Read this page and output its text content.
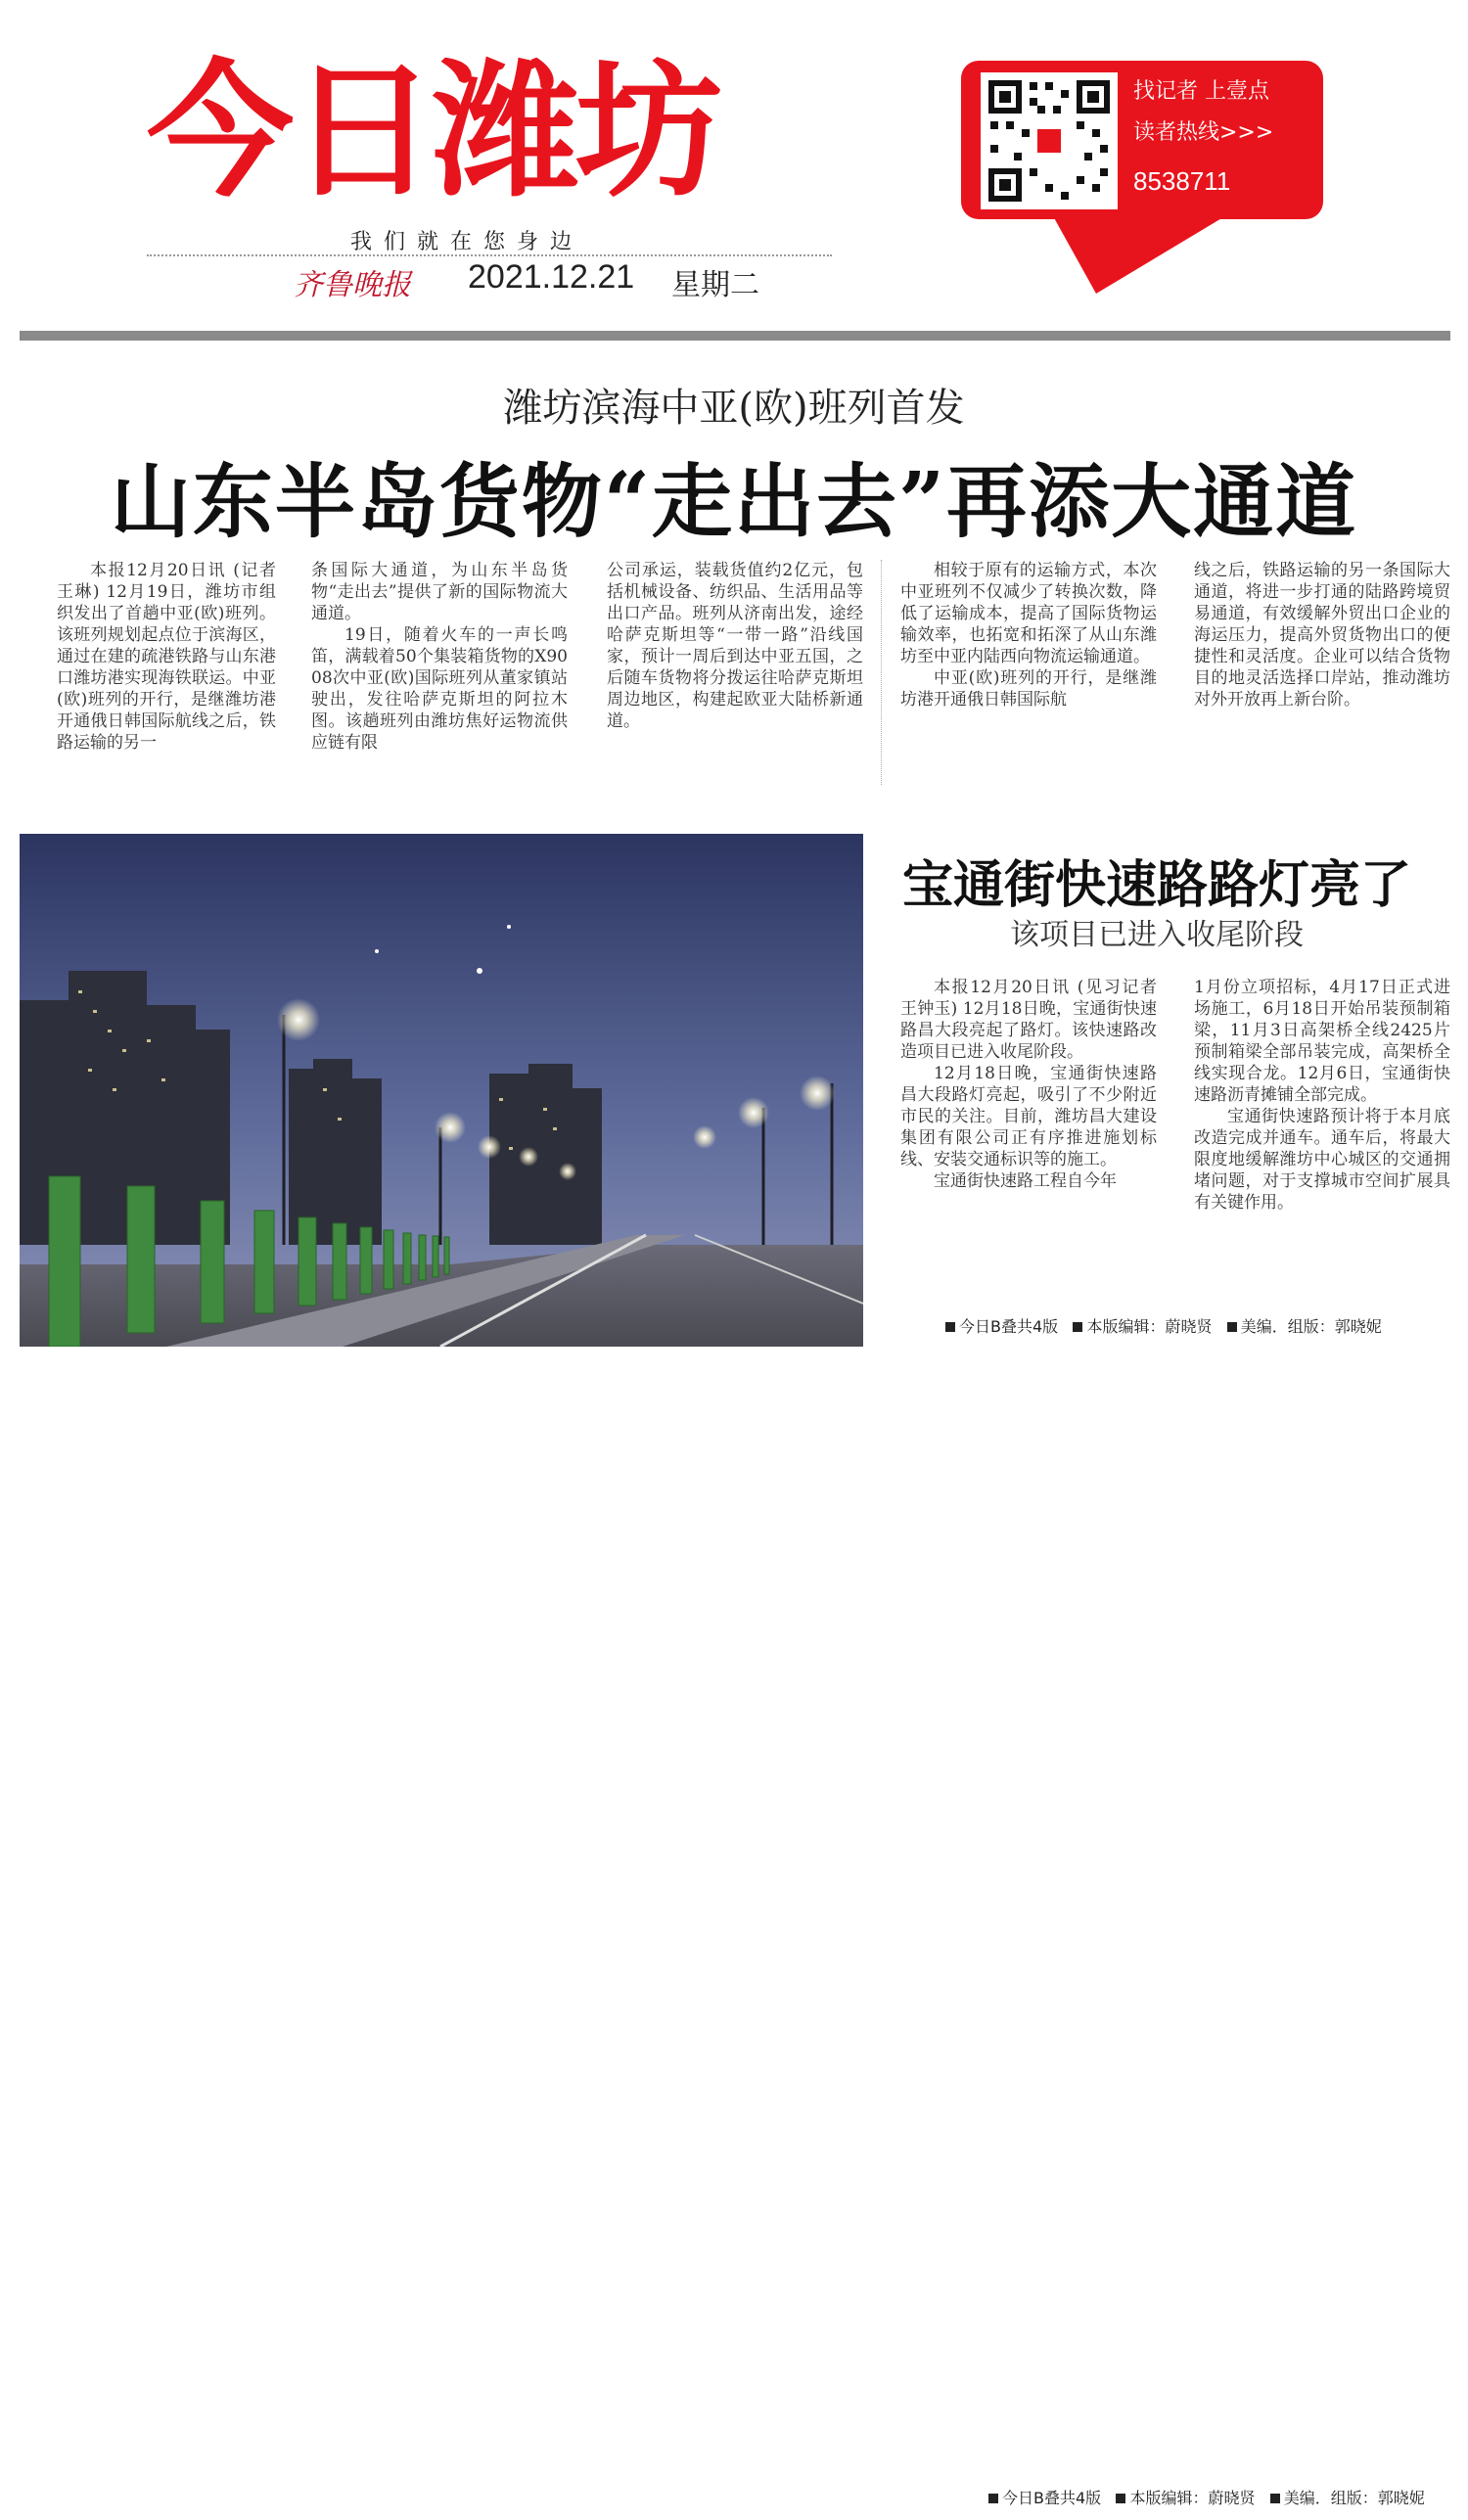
今日潍坊
我们就在您身边
齐鲁晚报 2021.12.21 星期二
找记者 上壹点
读者热线>>>
8538711
潍坊滨海中亚(欧)班列首发
山东半岛货物“走出去”再添大通道

本报12月20日讯 (记者 王琳) 12月19日，潍坊市组织发出了首趟中亚(欧)班列。该班列规划起点位于滨海区，通过在建的疏港铁路与山东港口潍坊港实现海铁联运。中亚(欧)班列的开行，是继潍坊港开通俄日韩国际航线之后，铁路运输的另一

条国际大通道，为山东半岛货物“走出去”提供了新的国际物流大通道。

19日，随着火车的一声长鸣笛，满载着50个集装箱货物的X9008次中亚(欧)国际班列从董家镇站驶出，发往哈萨克斯坦的阿拉木图。该趟班列由潍坊焦好运物流供应链有限

公司承运，装载货值约2亿元，包括机械设备、纺织品、生活用品等出口产品。班列从济南出发，途经哈萨克斯坦等“一带一路”沿线国家，预计一周后到达中亚五国，之后随车货物将分拨运往哈萨克斯坦周边地区，构建起欧亚大陆桥新通道。

相较于原有的运输方式，本次中亚班列不仅减少了转换次数，降低了运输成本，提高了国际货物运输效率，也拓宽和拓深了从山东潍坊至中亚内陆西向物流运输通道。

中亚(欧)班列的开行，是继潍坊港开通俄日韩国际航

线之后，铁路运输的另一条国际大通道，将进一步打通的陆路跨境贸易通道，有效缓解外贸出口企业的海运压力，提高外贸货物出口的便捷性和灵活度。企业可以结合货物目的地灵活选择口岸站，推动潍坊对外开放再上新台阶。

宝通街快速路路灯亮了
该项目已进入收尾阶段

本报12月20日讯 (见习记者 王钟玉) 12月18日晚，宝通街快速路昌大段亮起了路灯。该快速路改造项目已进入收尾阶段。

12月18日晚，宝通街快速路昌大段路灯亮起，吸引了不少附近市民的关注。目前，潍坊昌大建设集团有限公司正有序推进施划标线、安装交通标识等的施工。

宝通街快速路工程自今年

1月份立项招标，4月17日正式进场施工，6月18日开始吊装预制箱梁，11月3日高架桥全线2425片预制箱梁全部吊装完成，高架桥全线实现合龙。12月6日，宝通街快速路沥青摊铺全部完成。

宝通街快速路预计将于本月底改造完成并通车。通车后，将最大限度地缓解潍坊中心城区的交通拥堵问题，对于支撑城市空间扩展具有关键作用。

今日B叠共4版 本版编辑：蔚晓贤 美编．组版：郭晓妮
今日B叠共4版 本版编辑：蔚晓贤 美编．组版：郭晓妮
